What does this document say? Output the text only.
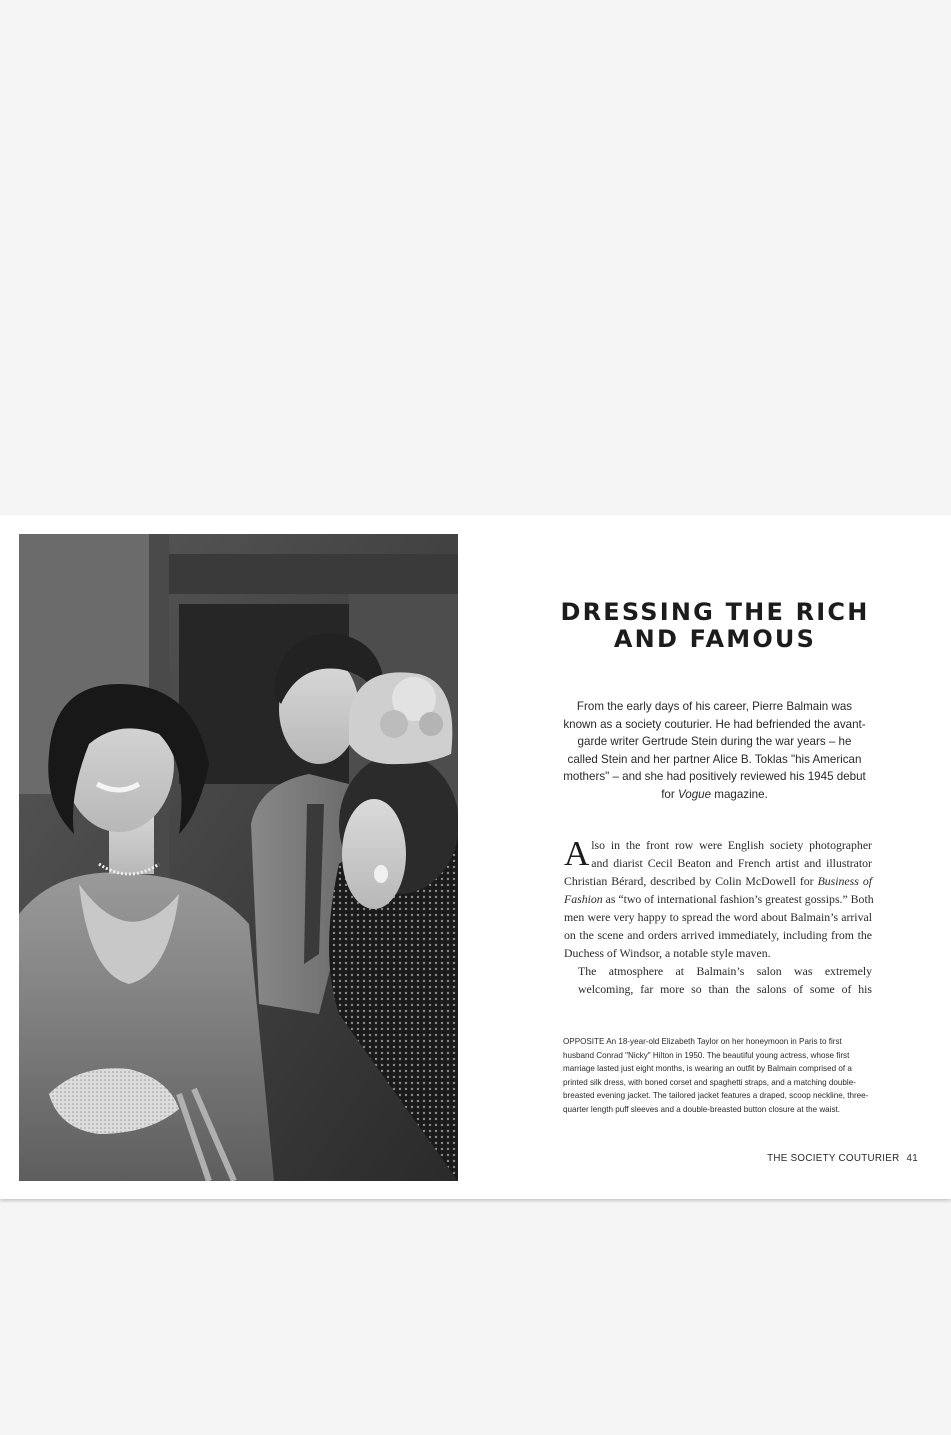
DRESSING THE RICH
AND FAMOUS

From the early days of his career, Pierre Balmain was known as a society couturier. He had befriended the avant-garde writer Gertrude Stein during the war years – he called Stein and her partner Alice B. Toklas "his American mothers" – and she had positively reviewed his 1945 debut for Vogue magazine.

A lso in the front row were English society photographer
and diarist Cecil Beaton and French artist and illustrator
Christian Bérard, described by Colin McDowell for Business of
Fashion as “two of international fashion’s greatest gossips.” Both
men were very happy to spread the word about Balmain’s arrival
on the scene and orders arrived immediately, including from the
Duchess of Windsor, a notable style maven.

The atmosphere at Balmain’s salon was extremely
welcoming, far more so than the salons of some of his

OPPOSITE An 18-year-old Elizabeth Taylor on her honeymoon in Paris to first husband Conrad "Nicky" Hilton in 1950. The beautiful young actress, whose first marriage lasted just eight months, is wearing an outfit by Balmain comprised of a printed silk dress, with boned corset and spaghetti straps, and a matching double-breasted evening jacket. The tailored jacket features a draped, scoop neckline, three-quarter length puff sleeves and a double-breasted button closure at the waist.

THE SOCIETY COUTURIER 41
